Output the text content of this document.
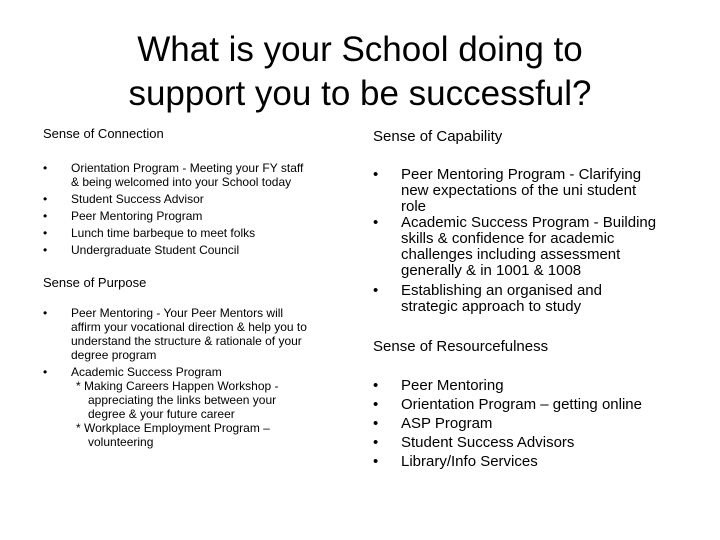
What is your School doing to
support you to be successful?
Sense of Connection
• Orientation Program - Meeting your FY staff
& being welcomed into your School today
• Student Success Advisor
• Peer Mentoring Program
• Lunch time barbeque to meet folks
• Undergraduate Student Council
Sense of Purpose
• Peer Mentoring - Your Peer Mentors will
affirm your vocational direction & help you to
understand the structure & rationale of your
degree program
• Academic Success Program
* Making Careers Happen Workshop -
appreciating the links between your
degree & your future career
* Workplace Employment Program –
volunteering
Sense of Capability
• Peer Mentoring Program - Clarifying
new expectations of the uni student
role
• Academic Success Program - Building
skills & confidence for academic
challenges including assessment
generally & in 1001 & 1008
• Establishing an organised and
strategic approach to study
Sense of Resourcefulness
• Peer Mentoring
• Orientation Program – getting online
• ASP Program
• Student Success Advisors
• Library/Info Services
